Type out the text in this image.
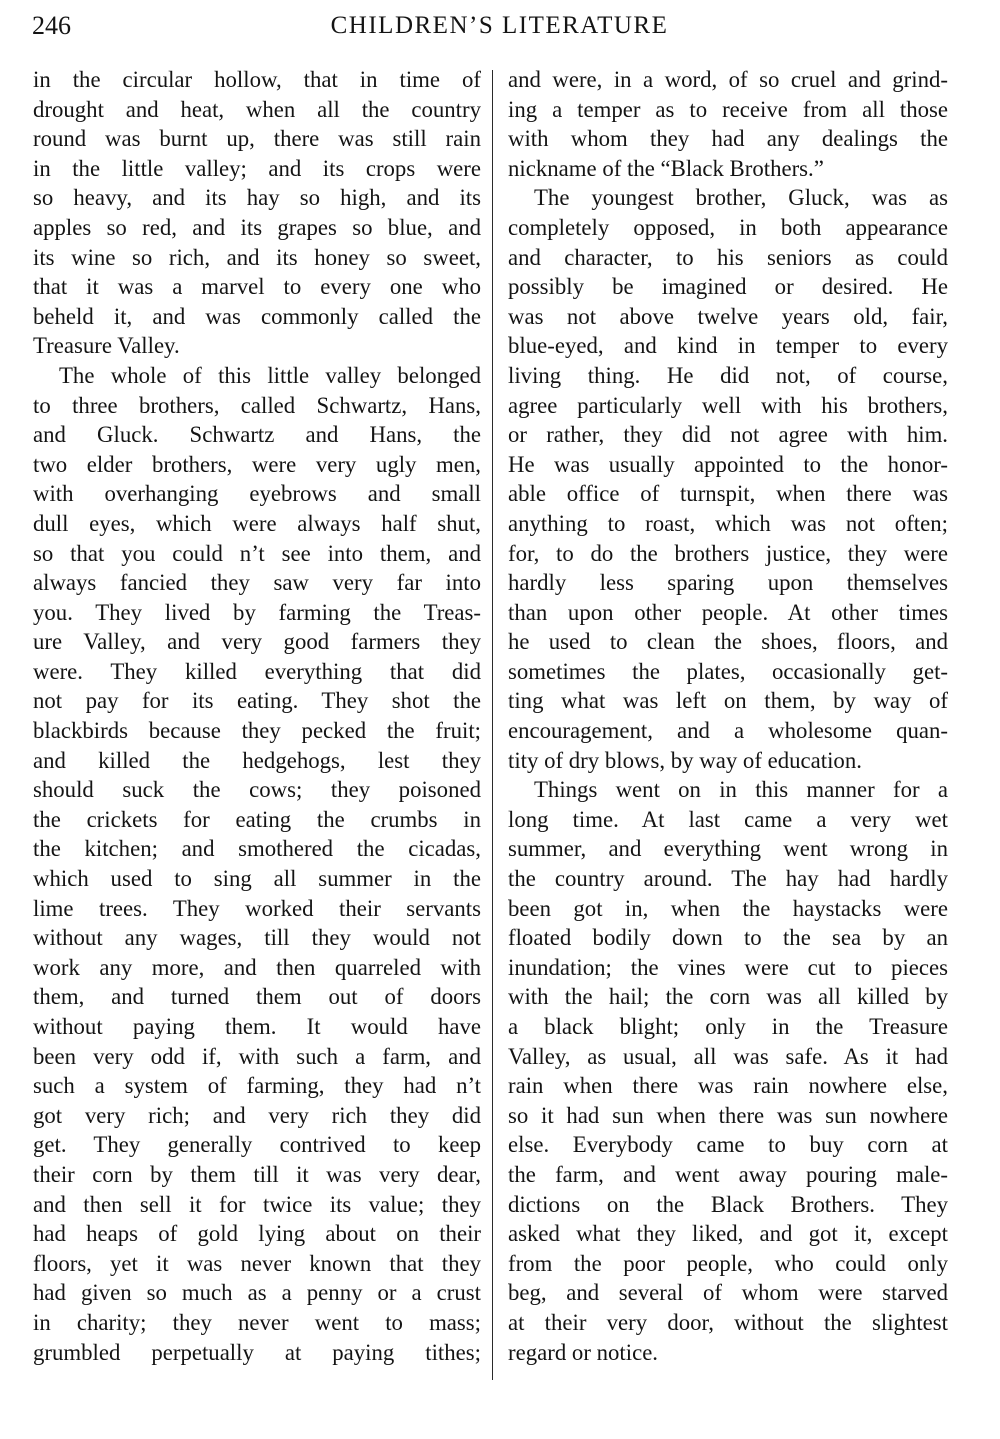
246	CHILDREN’S LITERATURE
in the circular hollow, that in time of
drought and heat, when all the country
round was burnt up, there was still rain
in the little valley; and its crops were
so heavy, and its hay so high, and its
apples so red, and its grapes so blue, and
its wine so rich, and its honey so sweet,
that it was a marvel to every one who
beheld it, and was commonly called the
Treasure Valley.
The whole of this little valley belonged
to three brothers, called Schwartz, Hans,
and Gluck. Schwartz and Hans, the
two elder brothers, were very ugly men,
with overhanging eyebrows and small
dull eyes, which were always half shut,
so that you could n’t see into them, and
always fancied they saw very far into
you. They lived by farming the Treas-
ure Valley, and very good farmers they
were. They killed everything that did
not pay for its eating. They shot the
blackbirds because they pecked the fruit;
and killed the hedgehogs, lest they
should suck the cows; they poisoned
the crickets for eating the crumbs in
the kitchen; and smothered the cicadas,
which used to sing all summer in the
lime trees. They worked their servants
without any wages, till they would not
work any more, and then quarreled with
them, and turned them out of doors
without paying them. It would have
been very odd if, with such a farm, and
such a system of farming, they had n’t
got very rich; and very rich they did
get. They generally contrived to keep
their corn by them till it was very dear,
and then sell it for twice its value; they
had heaps of gold lying about on their
floors, yet it was never known that they
had given so much as a penny or a crust
in charity; they never went to mass;
grumbled perpetually at paying tithes;
and were, in a word, of so cruel and grind-
ing a temper as to receive from all those
with whom they had any dealings the
nickname of the “Black Brothers.”
The youngest brother, Gluck, was as
completely opposed, in both appearance
and character, to his seniors as could
possibly be imagined or desired. He
was not above twelve years old, fair,
blue-eyed, and kind in temper to every
living thing. He did not, of course,
agree particularly well with his brothers,
or rather, they did not agree with him.
He was usually appointed to the honor-
able office of turnspit, when there was
anything to roast, which was not often;
for, to do the brothers justice, they were
hardly less sparing upon themselves
than upon other people. At other times
he used to clean the shoes, floors, and
sometimes the plates, occasionally get-
ting what was left on them, by way of
encouragement, and a wholesome quan-
tity of dry blows, by way of education.
Things went on in this manner for a
long time. At last came a very wet
summer, and everything went wrong in
the country around. The hay had hardly
been got in, when the haystacks were
floated bodily down to the sea by an
inundation; the vines were cut to pieces
with the hail; the corn was all killed by
a black blight; only in the Treasure
Valley, as usual, all was safe. As it had
rain when there was rain nowhere else,
so it had sun when there was sun nowhere
else. Everybody came to buy corn at
the farm, and went away pouring male-
dictions on the Black Brothers. They
asked what they liked, and got it, except
from the poor people, who could only
beg, and several of whom were starved
at their very door, without the slightest
regard or notice.
